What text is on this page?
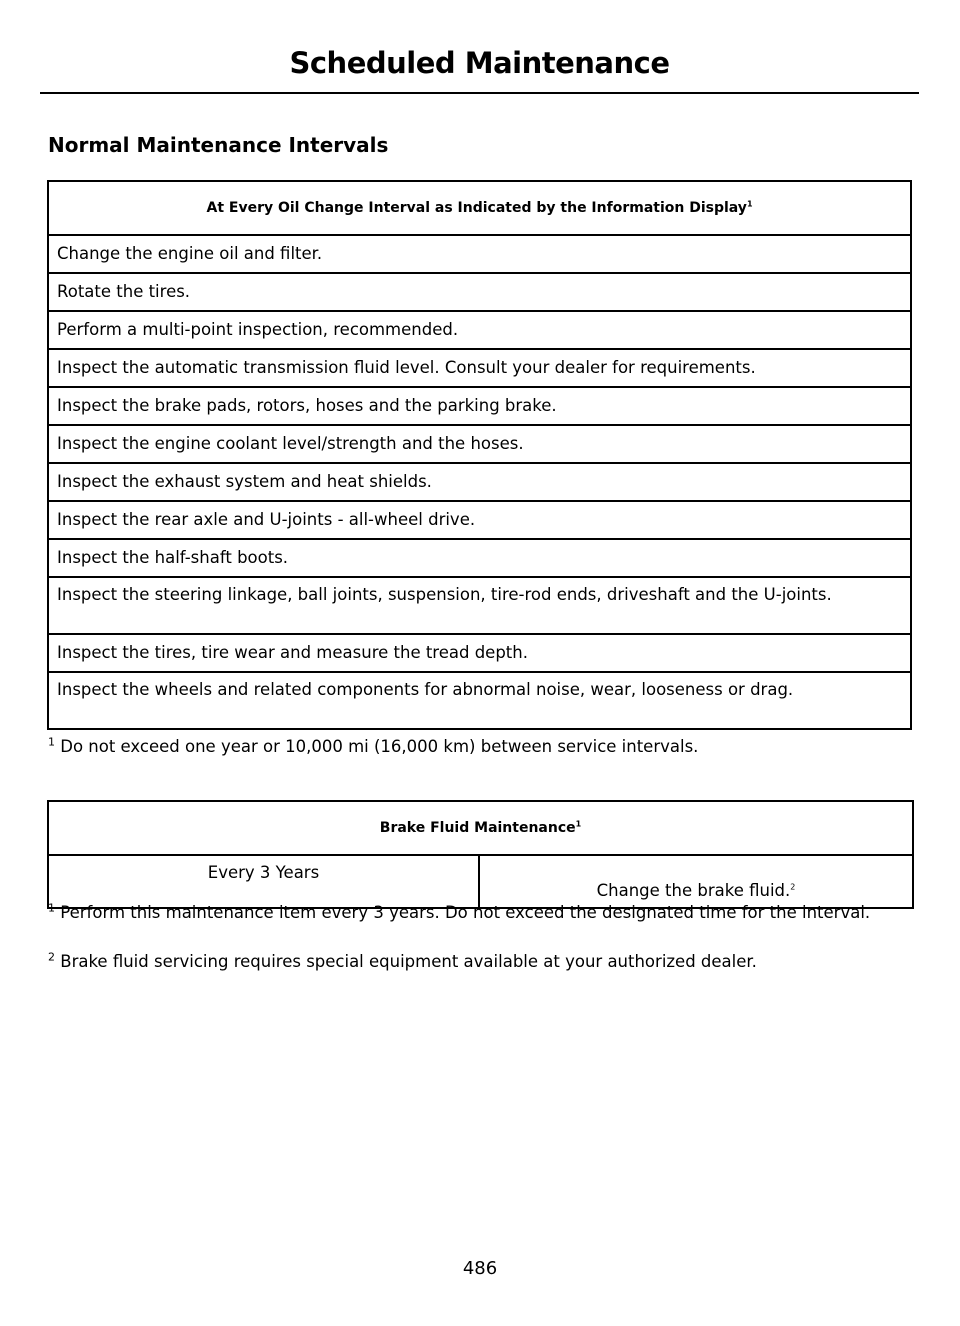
Scheduled Maintenance
Normal Maintenance Intervals
At Every Oil Change Interval as Indicated by the Information Display$^1$
Change the engine oil and filter.
Rotate the tires.
Perform a multi-point inspection, recommended.
Inspect the automatic transmission fluid level. Consult your dealer for requirements.
Inspect the brake pads, rotors, hoses and the parking brake.
Inspect the engine coolant level/strength and the hoses.
Inspect the exhaust system and heat shields.
Inspect the rear axle and U-joints - all-wheel drive.
Inspect the half-shaft boots.
Inspect the steering linkage, ball joints, suspension, tire-rod ends, driveshaft and the U-joints.
Inspect the tires, tire wear and measure the tread depth.
Inspect the wheels and related components for abnormal noise, wear, looseness or drag.
$^1$ Do not exceed one year or 10,000 mi (16,000 km) between service intervals.
Brake Fluid Maintenance$^1$
Every 3 Years	Change the brake fluid.$^2$
$^1$ Perform this maintenance item every 3 years. Do not exceed the designated time for the interval.
$^2$ Brake fluid servicing requires special equipment available at your authorized dealer.
486
